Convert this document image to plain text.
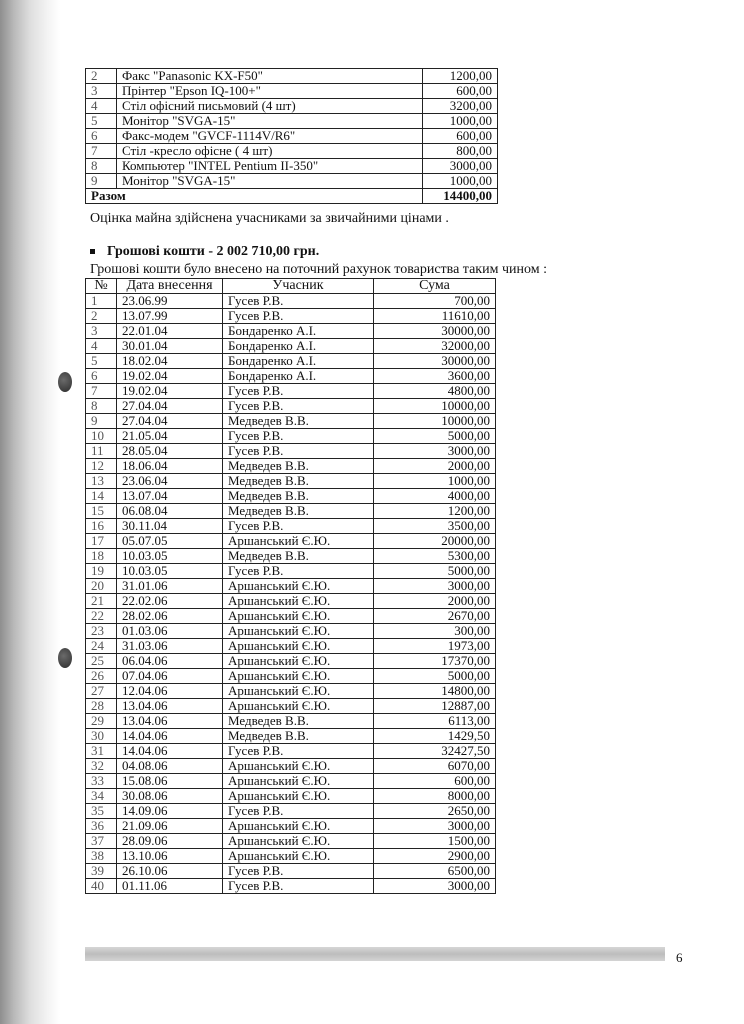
2	Факс "Panasonic KX-F50"	1200,00
3	Прінтер "Epson IQ-100+"	600,00
4	Стіл офісний письмовий (4 шт)	3200,00
5	Монітор "SVGA-15"	1000,00
6	Факс-модем "GVCF-1114V/R6"	600,00
7	Стіл -кресло офісне ( 4 шт)	800,00
8	Компьютер "INTEL Pentium II-350"	3000,00
9	Монітор "SVGA-15"	1000,00
Разом		14400,00
Оцінка майна здійснена учасниками за звичайними цінами .
Грошові кошти - 2 002 710,00 грн.
Грошові кошти було внесено на поточний рахунок товариства таким чином :
№	Дата внесення	Учасник	Сума
1	23.06.99	Гусев Р.В.	700,00
2	13.07.99	Гусев Р.В.	11610,00
3	22.01.04	Бондаренко А.І.	30000,00
4	30.01.04	Бондаренко А.І.	32000,00
5	18.02.04	Бондаренко А.І.	30000,00
6	19.02.04	Бондаренко А.І.	3600,00
7	19.02.04	Гусев Р.В.	4800,00
8	27.04.04	Гусев Р.В.	10000,00
9	27.04.04	Медведев В.В.	10000,00
10	21.05.04	Гусев Р.В.	5000,00
11	28.05.04	Гусев Р.В.	3000,00
12	18.06.04	Медведев В.В.	2000,00
13	23.06.04	Медведев В.В.	1000,00
14	13.07.04	Медведев В.В.	4000,00
15	06.08.04	Медведев В.В.	1200,00
16	30.11.04	Гусев Р.В.	3500,00
17	05.07.05	Аршанський Є.Ю.	20000,00
18	10.03.05	Медведев В.В.	5300,00
19	10.03.05	Гусев Р.В.	5000,00
20	31.01.06	Аршанський Є.Ю.	3000,00
21	22.02.06	Аршанський Є.Ю.	2000,00
22	28.02.06	Аршанський Є.Ю.	2670,00
23	01.03.06	Аршанський Є.Ю.	300,00
24	31.03.06	Аршанський Є.Ю.	1973,00
25	06.04.06	Аршанський Є.Ю.	17370,00
26	07.04.06	Аршанський Є.Ю.	5000,00
27	12.04.06	Аршанський Є.Ю.	14800,00
28	13.04.06	Аршанський Є.Ю.	12887,00
29	13.04.06	Медведев В.В.	6113,00
30	14.04.06	Медведев В.В.	1429,50
31	14.04.06	Гусев Р.В.	32427,50
32	04.08.06	Аршанський Є.Ю.	6070,00
33	15.08.06	Аршанський Є.Ю.	600,00
34	30.08.06	Аршанський Є.Ю.	8000,00
35	14.09.06	Гусев Р.В.	2650,00
36	21.09.06	Аршанський Є.Ю.	3000,00
37	28.09.06	Аршанський Є.Ю.	1500,00
38	13.10.06	Аршанський Є.Ю.	2900,00
39	26.10.06	Гусев Р.В.	6500,00
40	01.11.06	Гусев Р.В.	3000,00
6
